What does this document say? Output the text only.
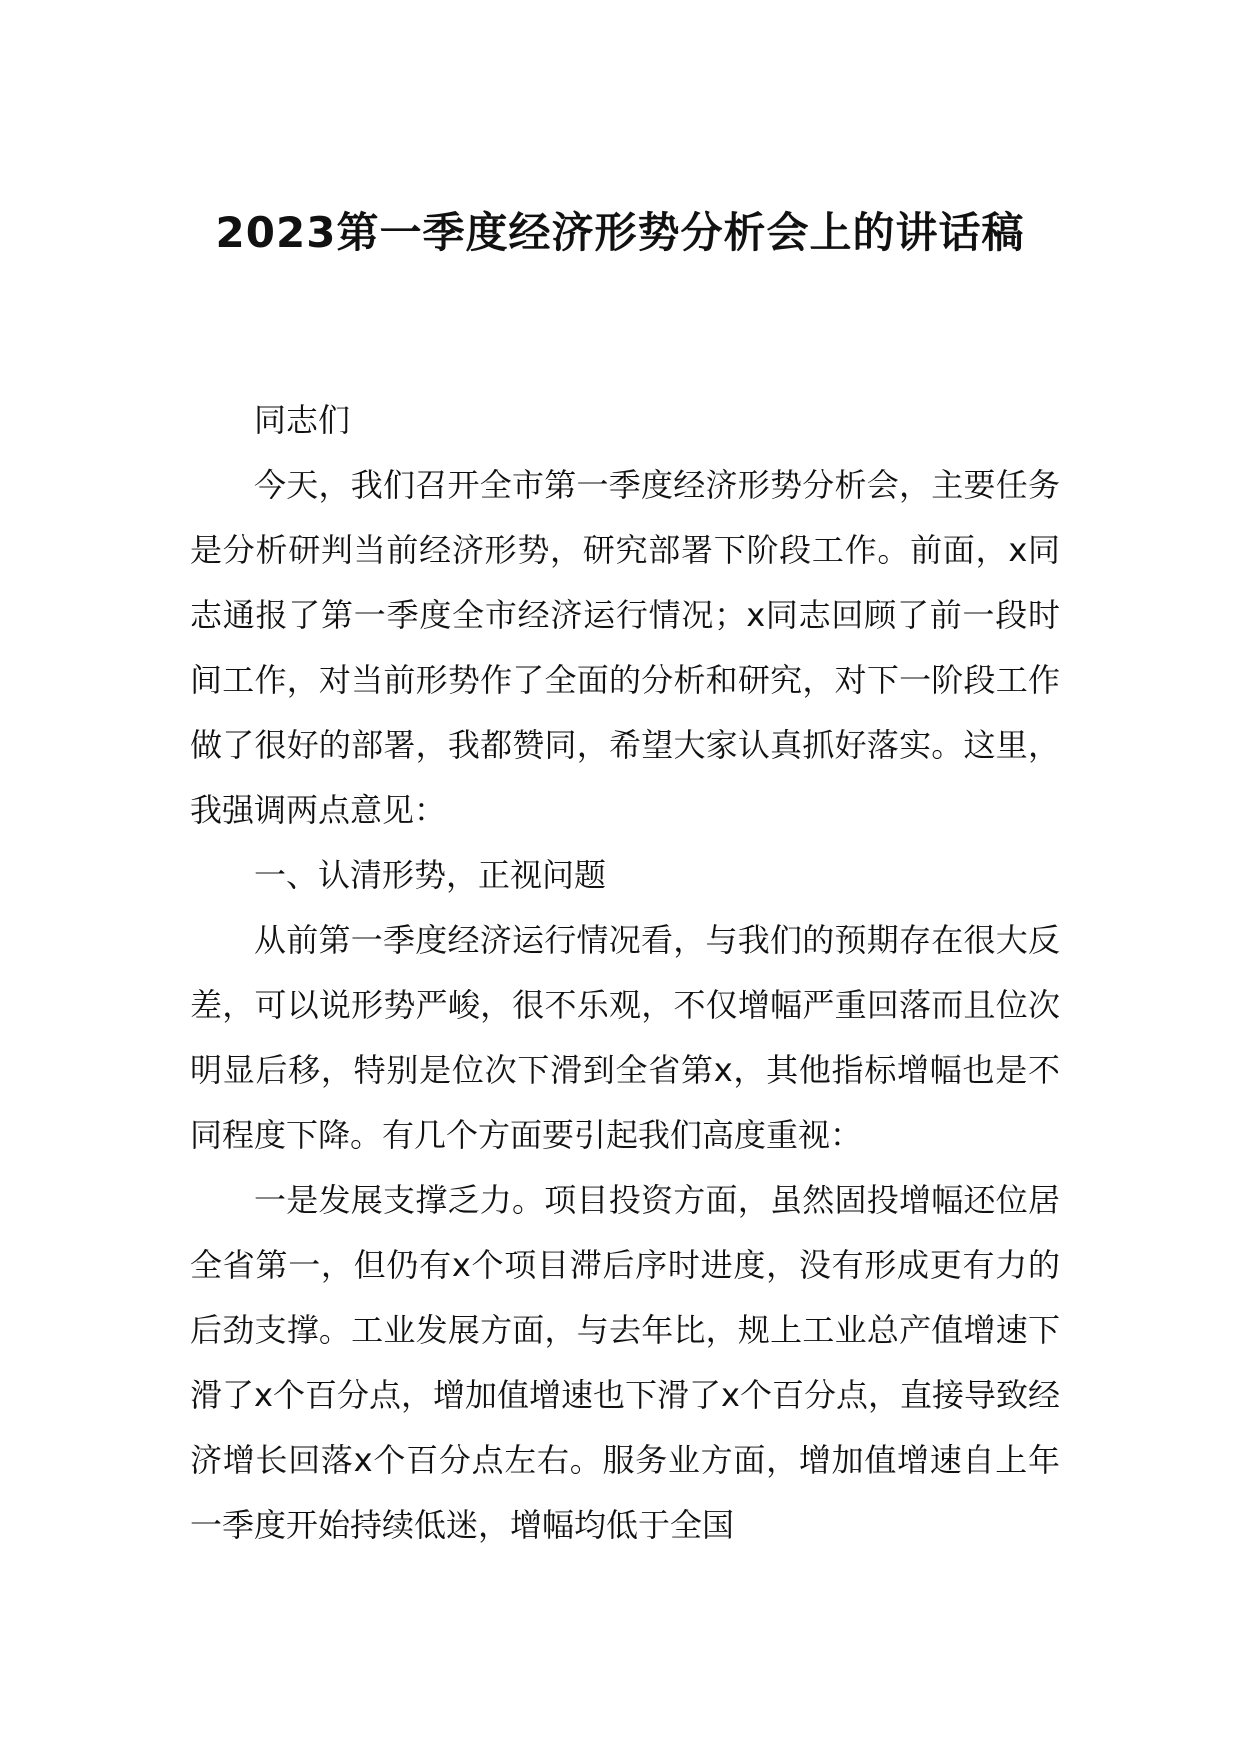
2023第一季度经济形势分析会上的讲话稿

同志们

今天，我们召开全市第一季度经济形势分析会，主要任务是分析研判当前经济形势，研究部署下阶段工作。前面，x同志通报了第一季度全市经济运行情况；x同志回顾了前一段时间工作，对当前形势作了全面的分析和研究，对下一阶段工作做了很好的部署，我都赞同，希望大家认真抓好落实。这里，我强调两点意见：

一、认清形势，正视问题

从前第一季度经济运行情况看，与我们的预期存在很大反差，可以说形势严峻，很不乐观，不仅增幅严重回落而且位次明显后移，特别是位次下滑到全省第x，其他指标增幅也是不同程度下降。有几个方面要引起我们高度重视：

一是发展支撑乏力。项目投资方面，虽然固投增幅还位居全省第一，但仍有x个项目滞后序时进度，没有形成更有力的后劲支撑。工业发展方面，与去年比，规上工业总产值增速下滑了x个百分点，增加值增速也下滑了x个百分点，直接导致经济增长回落x个百分点左右。服务业方面，增加值增速自上年一季度开始持续低迷，增幅均低于全国
